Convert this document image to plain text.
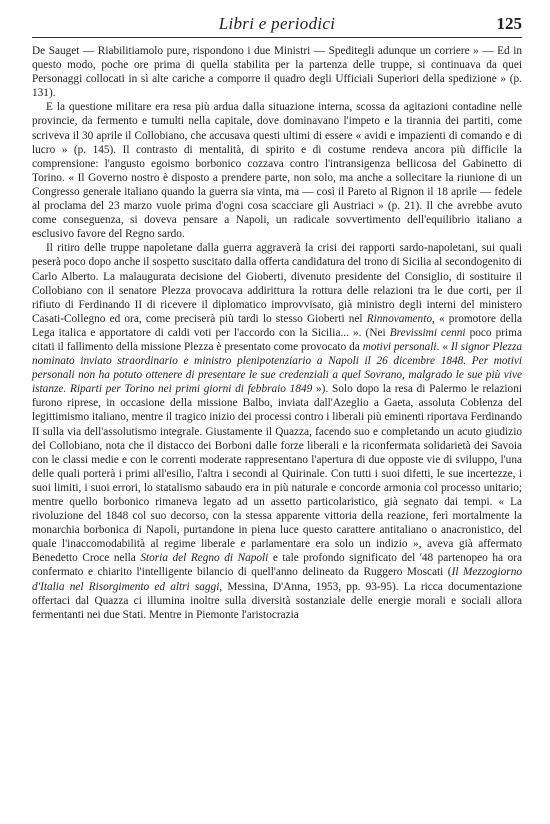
Libri e periodici	125

De Sauget — Riabilitiamolo pure, rispondono i due Ministri — Speditegli adunque un corriere » — Ed in questo modo, poche ore prima di quella stabilita per la partenza delle truppe, si continuava da quei Personaggi collocati in sì alte cariche a comporre il quadro degli Ufficiali Superiori della spedizione » (p. 131).

E la questione militare era resa più ardua dalla situazione interna, scossa da agitazioni contadine nelle provincie, da fermento e tumulti nella capitale, dove dominavano l'impeto e la tirannia dei partiti, come scriveva il 30 aprile il Collobiano, che accusava questi ultimi di essere « avidi e impazienti di comando e di lucro » (p. 145). Il contrasto di mentalità, di spirito e di costume rendeva ancora più difficile la comprensione: l'angusto egoismo borbonico cozzava contro l'intransigenza bellicosa del Gabinetto di Torino. « Il Governo nostro è disposto a prendere parte, non solo, ma anche a sollecitare la riunione di un Congresso generale italiano quando la guerra sia vinta, ma — così il Pareto al Rignon il 18 aprile — fedele al proclama del 23 marzo vuole prima d'ogni cosa scacciare gli Austriaci » (p. 21). Il che avrebbe avuto come conseguenza, si doveva pensare a Napoli, un radicale sovvertimento dell'equilibrio italiano a esclusivo favore del Regno sardo.

Il ritiro delle truppe napoletane dalla guerra aggraverà la crisi dei rapporti sardo-napoletani, sui quali peserà poco dopo anche il sospetto suscitato dalla offerta candidatura del trono di Sicilia al secondogenito di Carlo Alberto. La malaugurata decisione del Gioberti, divenuto presidente del Consiglio, di sostituire il Collobiano con il senatore Plezza provocava addirittura la rottura delle relazioni tra le due corti, per il rifiuto di Ferdinando II di ricevere il diplomatico improvvisato, già ministro degli interni del ministero Casati-Collegno ed ora, come preciserà più tardi lo stesso Gioberti nel Rinnovamento, « promotore della Lega italica e apportatore di caldi voti per l'accordo con la Sicilia... ». (Nei Brevissimi cenni poco prima citati il fallimento della missione Plezza è presentato come provocato da motivi personali. « Il signor Plezza nominato inviato straordinario e ministro plenipotenziario a Napoli il 26 dicembre 1848. Per motivi personali non ha potuto ottenere di presentare le sue credenziali a quel Sovrano, malgrado le sue più vive istanze. Riparti per Torino nei primi giorni di febbraio 1849 »). Solo dopo la resa di Palermo le relazioni furono riprese, in occasione della missione Balbo, inviata dall'Azeglio a Gaeta, assoluta Coblenza del legittimismo italiano, mentre il tragico inizio dei processi contro i liberali più eminenti riportava Ferdinando II sulla via dell'assolutismo integrale. Giustamente il Quazza, facendo suo e completando un acuto giudizio del Collobiano, nota che il distacco dei Borboni dalle forze liberali e la riconfermata solidarietà dei Savoia con le classi medie e con le correnti moderate rappresentano l'apertura di due opposte vie di sviluppo, l'una delle quali porterà i primi all'esilio, l'altra i secondi al Quirinale. Con tutti i suoi difetti, le sue incertezze, i suoi limiti, i suoi errori, lo statalismo sabaudo era in più naturale e concorde armonia col processo unitario; mentre quello borbonico rimaneva legato ad un assetto particolaristico, già segnato dai tempi. « La rivoluzione del 1848 col suo decorso, con la stessa apparente vittoria della reazione, ferì mortalmente la monarchia borbonica di Napoli, purtandone in piena luce questo carattere antitaliano o anacronistico, del quale l'inaccomodabilità al regime liberale e parlamentare era solo un indizio », aveva già affermato Benedetto Croce nella Storia del Regno di Napoli e tale profondo significato del '48 partenopeo ha ora confermato e chiarito l'intelligente bilancio di quell'anno delineato da Ruggero Moscati (Il Mezzogiorno d'Italia nel Risorgimento ed altri saggi, Messina, D'Anna, 1953, pp. 93-95). La ricca documentazione offertaci dal Quazza ci illumina inoltre sulla diversità sostanziale delle energie morali e sociali allora fermentanti nei due Stati. Mentre in Piemonte l'aristocrazia
